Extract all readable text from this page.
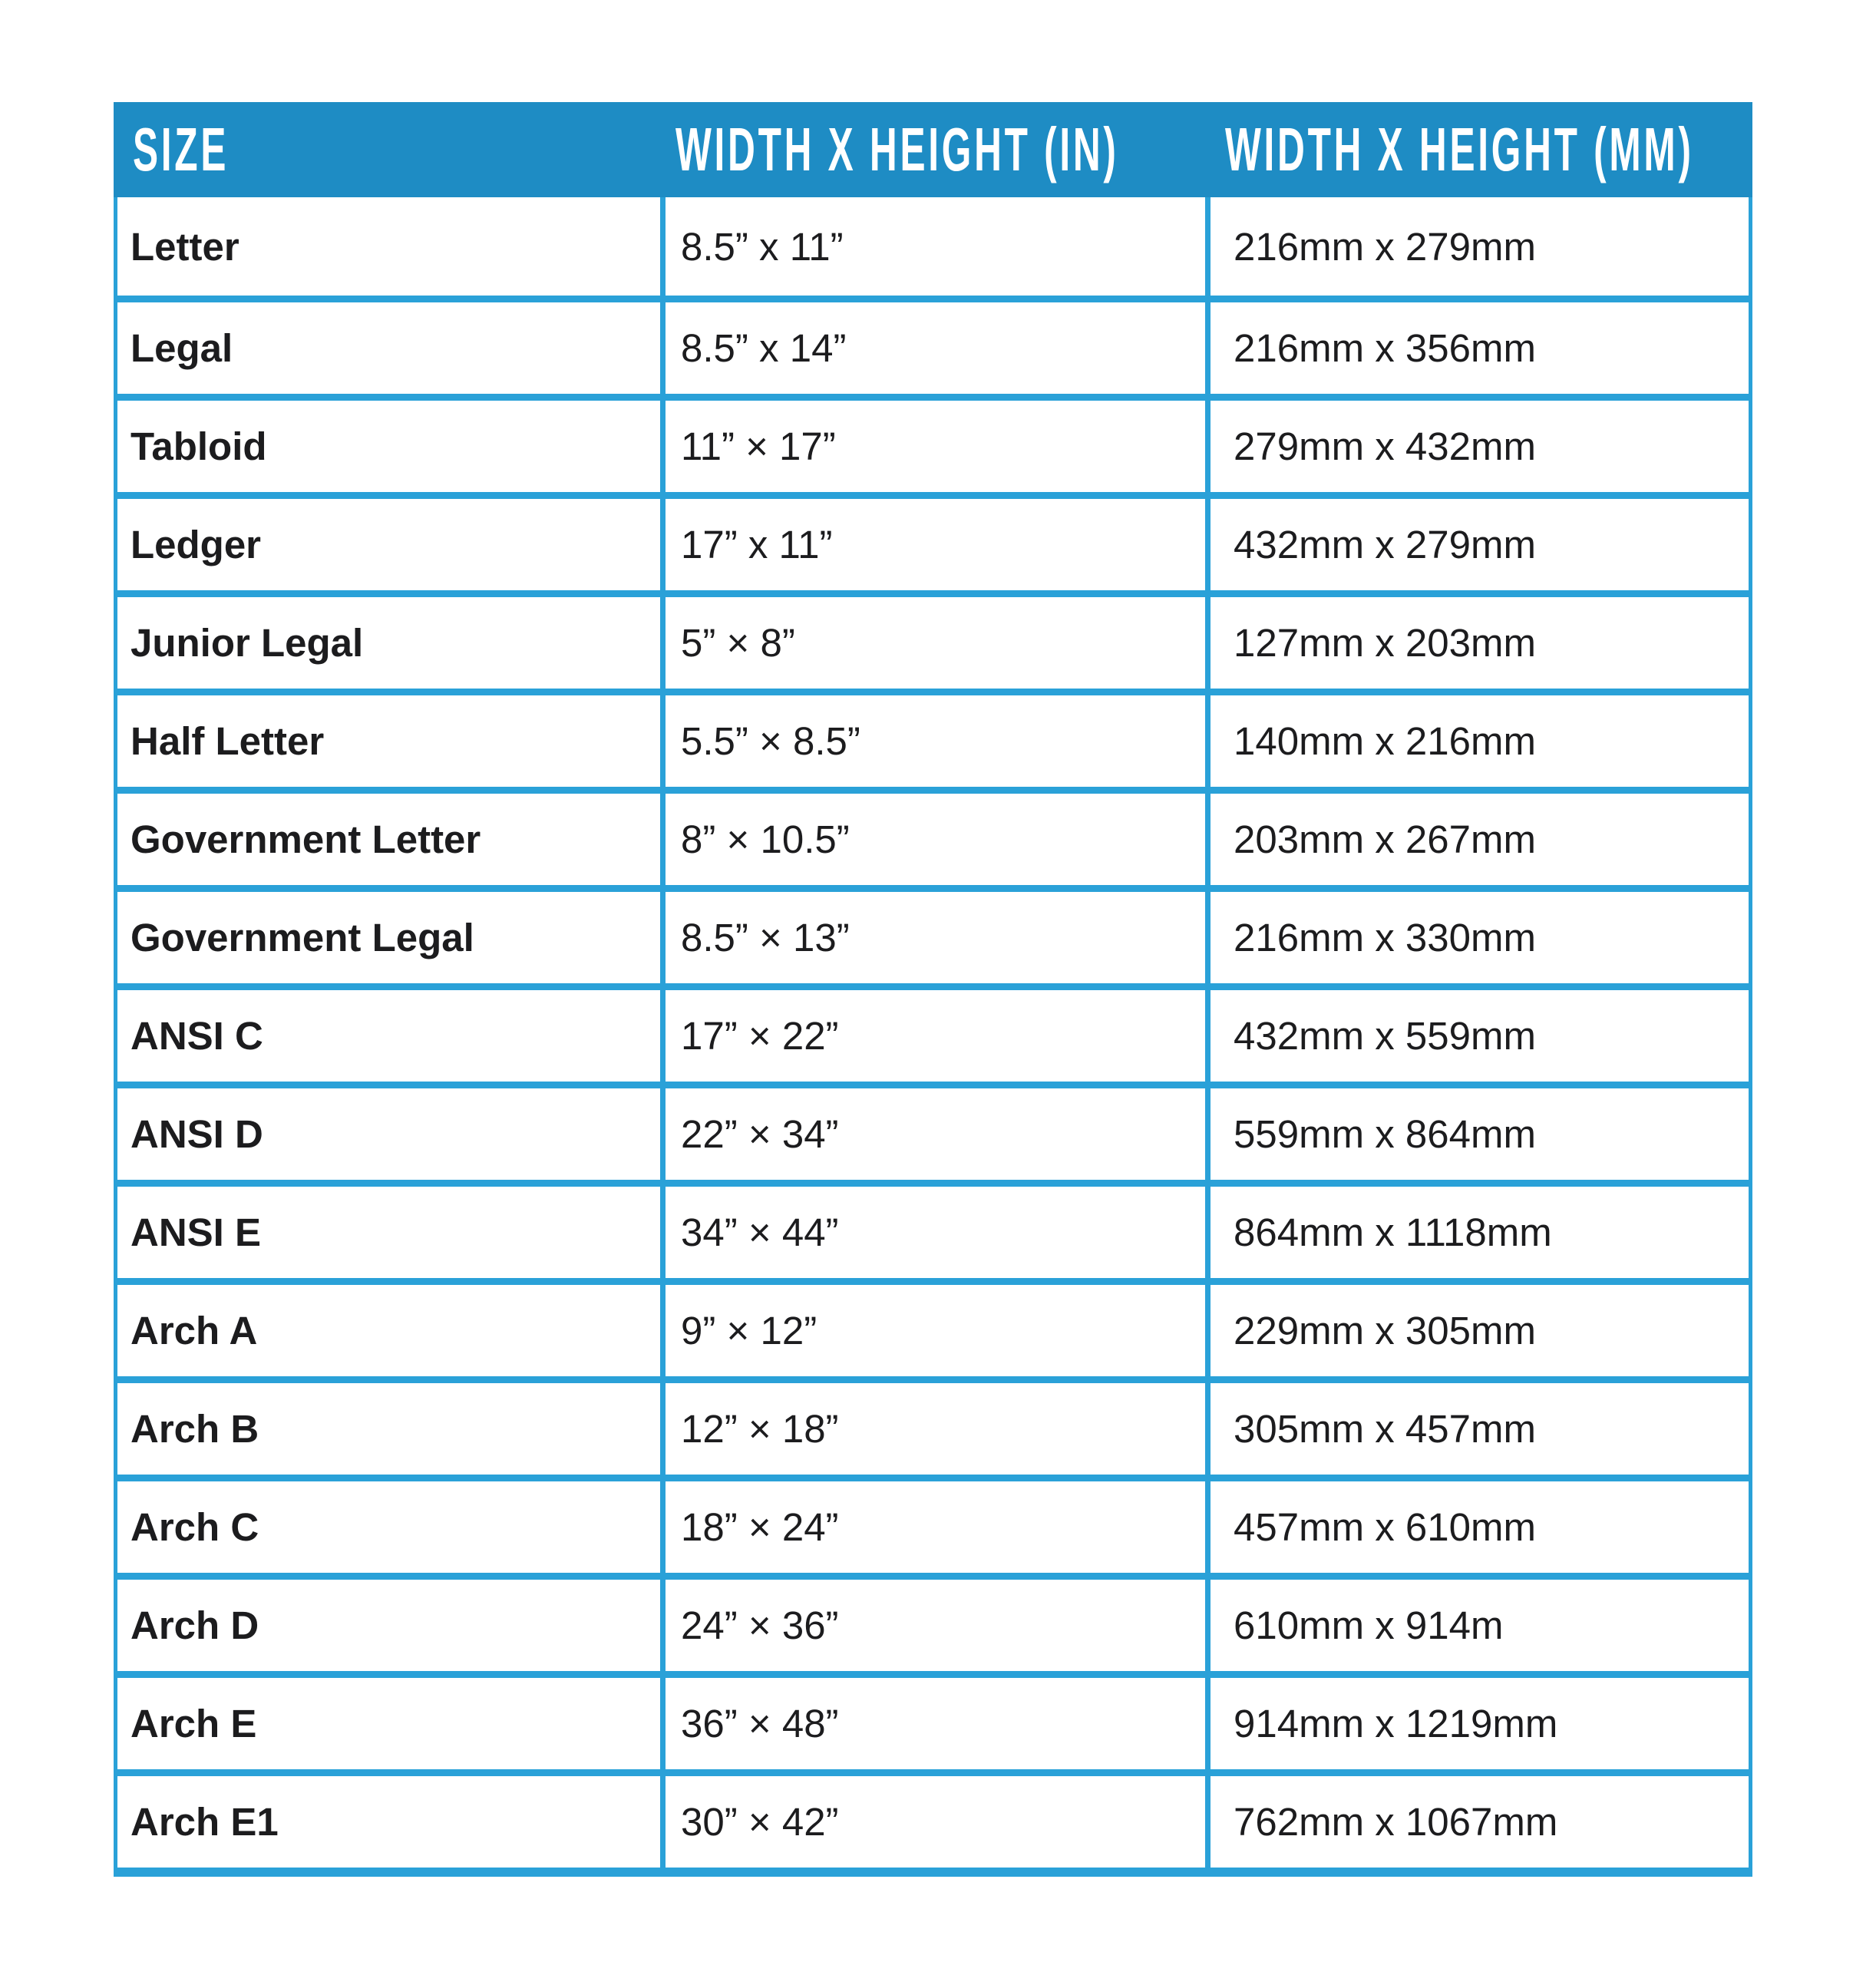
SIZE	WIDTH X HEIGHT (IN)	WIDTH X HEIGHT (MM)
Letter	8.5” x 11”	216mm x 279mm
Legal	8.5” x 14”	216mm x 356mm
Tabloid	11” × 17”	279mm x 432mm
Ledger	17” x 11”	432mm x 279mm
Junior Legal	5” × 8”	127mm x 203mm
Half Letter	5.5” × 8.5”	140mm x 216mm
Government Letter	8” × 10.5”	203mm x 267mm
Government Legal	8.5” × 13”	216mm x 330mm
ANSI C	17” × 22”	432mm x 559mm
ANSI D	22” × 34”	559mm x 864mm
ANSI E	34” × 44”	864mm x 1118mm
Arch A	9” × 12”	229mm x 305mm
Arch B	12” × 18”	305mm x 457mm
Arch C	18” × 24”	457mm x 610mm
Arch D	24” × 36”	610mm x 914m
Arch E	36” × 48”	914mm x 1219mm
Arch E1	30” × 42”	762mm x 1067mm
